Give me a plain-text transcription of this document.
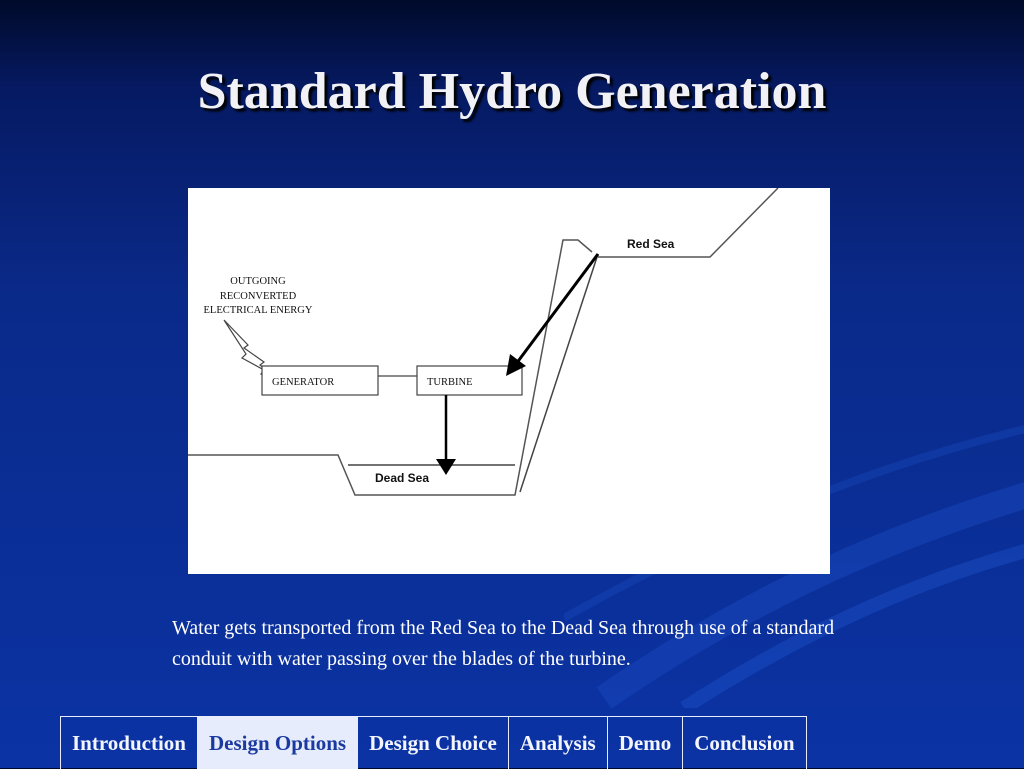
Standard Hydro Generation
Red Sea
Dead Sea
OUTGOING
RECONVERTED
ELECTRICAL ENERGY
GENERATOR	TURBINE
Water gets transported from the Red Sea to the Dead Sea through use of a standard conduit with water passing over the blades of the turbine.
Introduction Design Options Design Choice Analysis Demo Conclusion
